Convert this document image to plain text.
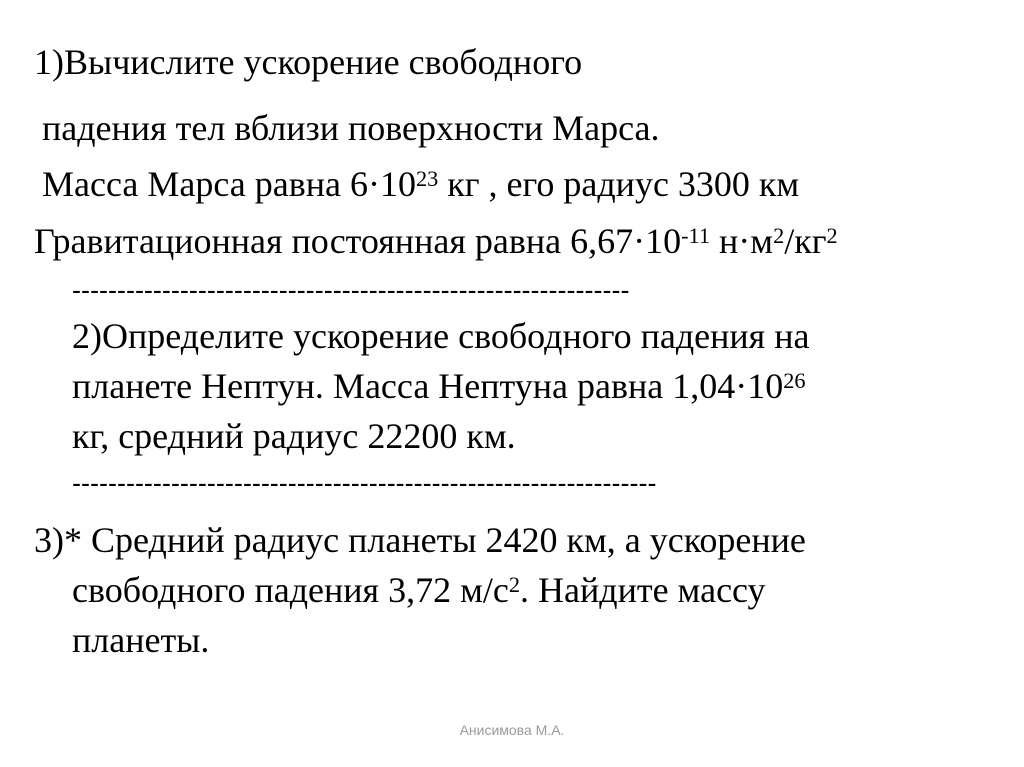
1)Вычислите ускорение свободного
падения тел вблизи поверхности Марса.
Масса Марса равна $6\cdot 10^{23}$ кг , его радиус 3300 км
Гравитационная постоянная равна $6,67\cdot 10^{-11}$ $н\cdot м^2/кг^2$
--------------------------------------------------------------
2)Определите ускорение свободного падения на
планете Нептун. Масса Нептуна равна $1,04\cdot 10^{26}$
кг, средний радиус 22200 км.
-----------------------------------------------------------------
3)* Средний радиус планеты 2420 км, а ускорение
свободного падения 3,72 $м/с^2$. Найдите массу
планеты.
Анисимова М.А.
